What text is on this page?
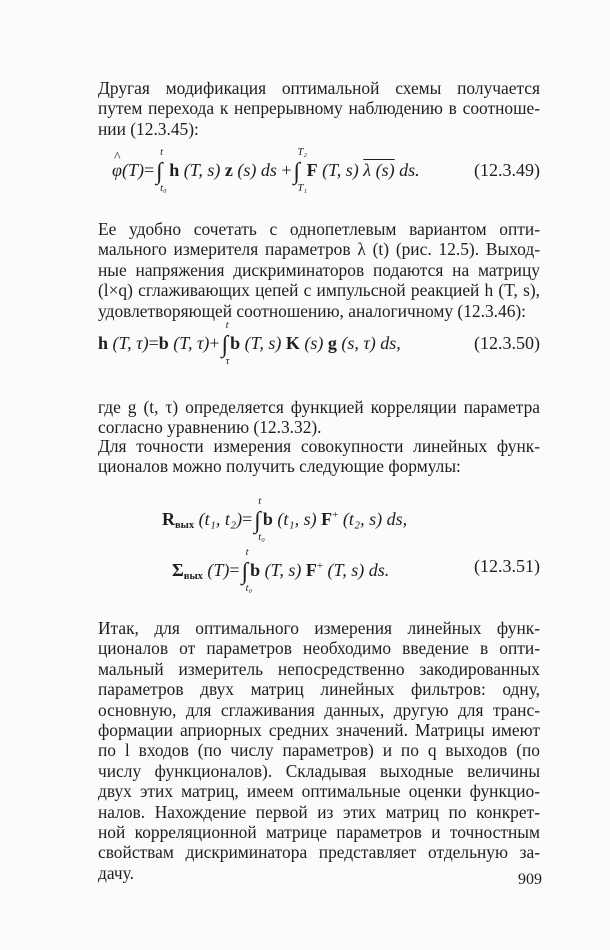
Другая модификация оптимальной схемы получается
путем перехода к непрерывному наблюдению в соотноше-
нии (12.3.45):
^ φ(T)=∫
t
t₀
h (T, s) z (s) ds +∫
T₂
T₁
F (T, s) λ (s) ds.	(12.3.49)
Ее удобно сочетать с однопетлевым вариантом опти-
мального измерителя параметров λ (t) (рис. 12.5). Выход-
ные напряжения дискриминаторов подаются на матрицу
(l×q) сглаживающих цепей с импульсной реакцией h (T, s),
удовлетворяющей соотношению, аналогичному (12.3.46):
h (T, τ)=b (T, τ)+∫
t
τ
b (T, s) K (s) g (s, τ) ds,	(12.3.50)
где g (t, τ) определяется функцией корреляции параметра
согласно уравнению (12.3.32).
Для точности измерения совокупности линейных функ-
ционалов можно получить следующие формулы:
$R_{вых}$ (t₁, t₂)=∫
t
t₀
b (t₁, s) F+ (t₂, s) ds,
$\Sigma_{вых}$ (T)=∫
t
t₀
b (T, s) F+ (T, s) ds.	(12.3.51)
Итак, для оптимального измерения линейных функ-
ционалов от параметров необходимо введение в опти-
мальный измеритель непосредственно закодированных
параметров двух матриц линейных фильтров: одну,
основную, для сглаживания данных, другую для транс-
формации априорных средних значений. Матрицы имеют
по l входов (по числу параметров) и по q выходов (по
числу функционалов). Складывая выходные величины
двух этих матриц, имеем оптимальные оценки функцио-
налов. Нахождение первой из этих матриц по конкрет-
ной корреляционной матрице параметров и точностным
свойствам дискриминатора представляет отдельную за-
дачу.	909
